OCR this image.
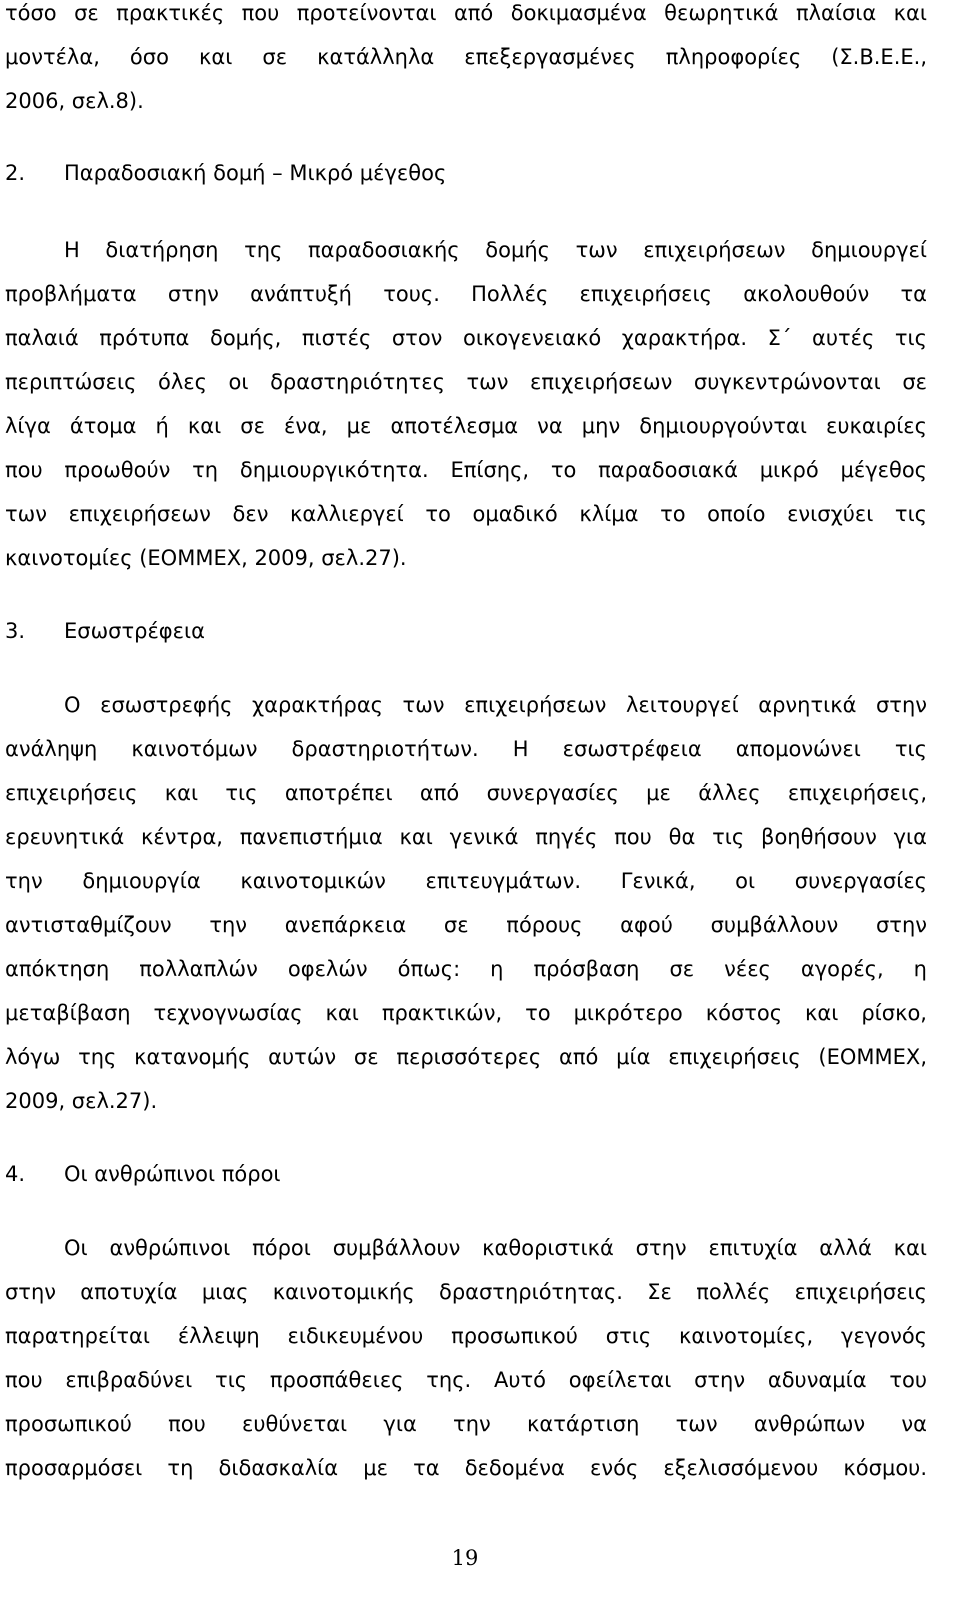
τόσο σε πρακτικές που προτείνονται από δοκιμασμένα θεωρητικά πλαίσια και
μοντέλα, όσο και σε κατάλληλα επεξεργασμένες πληροφορίες (Σ.Β.Ε.Ε.,
2006, σελ.8).
2. Παραδοσιακή δομή – Μικρό μέγεθος
Η διατήρηση της παραδοσιακής δομής των επιχειρήσεων δημιουργεί
προβλήματα στην ανάπτυξή τους. Πολλές επιχειρήσεις ακολουθούν τα
παλαιά πρότυπα δομής, πιστές στον οικογενειακό χαρακτήρα. Σ΄ αυτές τις
περιπτώσεις όλες οι δραστηριότητες των επιχειρήσεων συγκεντρώνονται σε
λίγα άτομα ή και σε ένα, με αποτέλεσμα να μην δημιουργούνται ευκαιρίες
που προωθούν τη δημιουργικότητα. Επίσης, το παραδοσιακά μικρό μέγεθος
των επιχειρήσεων δεν καλλιεργεί το ομαδικό κλίμα το οποίο ενισχύει τις
καινοτομίες (ΕΟΜΜΕΧ, 2009, σελ.27).
3. Εσωστρέφεια
Ο εσωστρεφής χαρακτήρας των επιχειρήσεων λειτουργεί αρνητικά στην
ανάληψη καινοτόμων δραστηριοτήτων. Η εσωστρέφεια απομονώνει τις
επιχειρήσεις και τις αποτρέπει από συνεργασίες με άλλες επιχειρήσεις,
ερευνητικά κέντρα, πανεπιστήμια και γενικά πηγές που θα τις βοηθήσουν για
την δημιουργία καινοτομικών επιτευγμάτων. Γενικά, οι συνεργασίες
αντισταθμίζουν την ανεπάρκεια σε πόρους αφού συμβάλλουν στην
απόκτηση πολλαπλών οφελών όπως: η πρόσβαση σε νέες αγορές, η
μεταβίβαση τεχνογνωσίας και πρακτικών, το μικρότερο κόστος και ρίσκο,
λόγω της κατανομής αυτών σε περισσότερες από μία επιχειρήσεις (ΕΟΜΜΕΧ,
2009, σελ.27).
4. Οι ανθρώπινοι πόροι
Οι ανθρώπινοι πόροι συμβάλλουν καθοριστικά στην επιτυχία αλλά και
στην αποτυχία μιας καινοτομικής δραστηριότητας. Σε πολλές επιχειρήσεις
παρατηρείται έλλειψη ειδικευμένου προσωπικού στις καινοτομίες, γεγονός
που επιβραδύνει τις προσπάθειες της. Αυτό οφείλεται στην αδυναμία του
προσωπικού που ευθύνεται για την κατάρτιση των ανθρώπων να
προσαρμόσει τη διδασκαλία με τα δεδομένα ενός εξελισσόμενου κόσμου.
19
